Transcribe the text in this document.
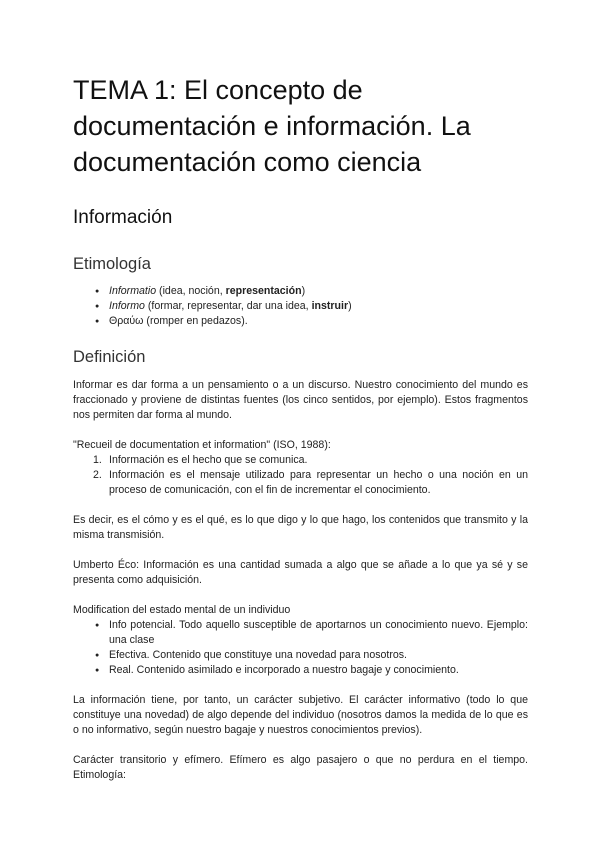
TEMA 1: El concepto de documentación e información. La documentación como ciencia
Información
Etimología
● Informatio (idea, noción, representación)
● Informo (formar, representar, dar una idea, instruir)
● Θραύω (romper en pedazos).
Definición

Informar es dar forma a un pensamiento o a un discurso. Nuestro conocimiento del mundo es fraccionado y proviene de distintas fuentes (los cinco sentidos, por ejemplo). Estos fragmentos nos permiten dar forma al mundo.

"Recueil de documentation et information" (ISO, 1988):

1. Información es el hecho que se comunica.
2. Información es el mensaje utilizado para representar un hecho o una noción en un proceso de comunicación, con el fin de incrementar el conocimiento.

Es decir, es el cómo y es el qué, es lo que digo y lo que hago, los contenidos que transmito y la misma transmisión.

Umberto Éco: Información es una cantidad sumada a algo que se añade a lo que ya sé y se presenta como adquisición.

Modification del estado mental de un individuo

● Info potencial. Todo aquello susceptible de aportarnos un conocimiento nuevo. Ejemplo: una clase
● Efectiva. Contenido que constituye una novedad para nosotros.
● Real. Contenido asimilado e incorporado a nuestro bagaje y conocimiento.

La información tiene, por tanto, un carácter subjetivo. El carácter informativo (todo lo que constituye una novedad) de algo depende del individuo (nosotros damos la medida de lo que es o no informativo, según nuestro bagaje y nuestros conocimientos previos).

Carácter transitorio y efímero. Efímero es algo pasajero o que no perdura en el tiempo. Etimología:
